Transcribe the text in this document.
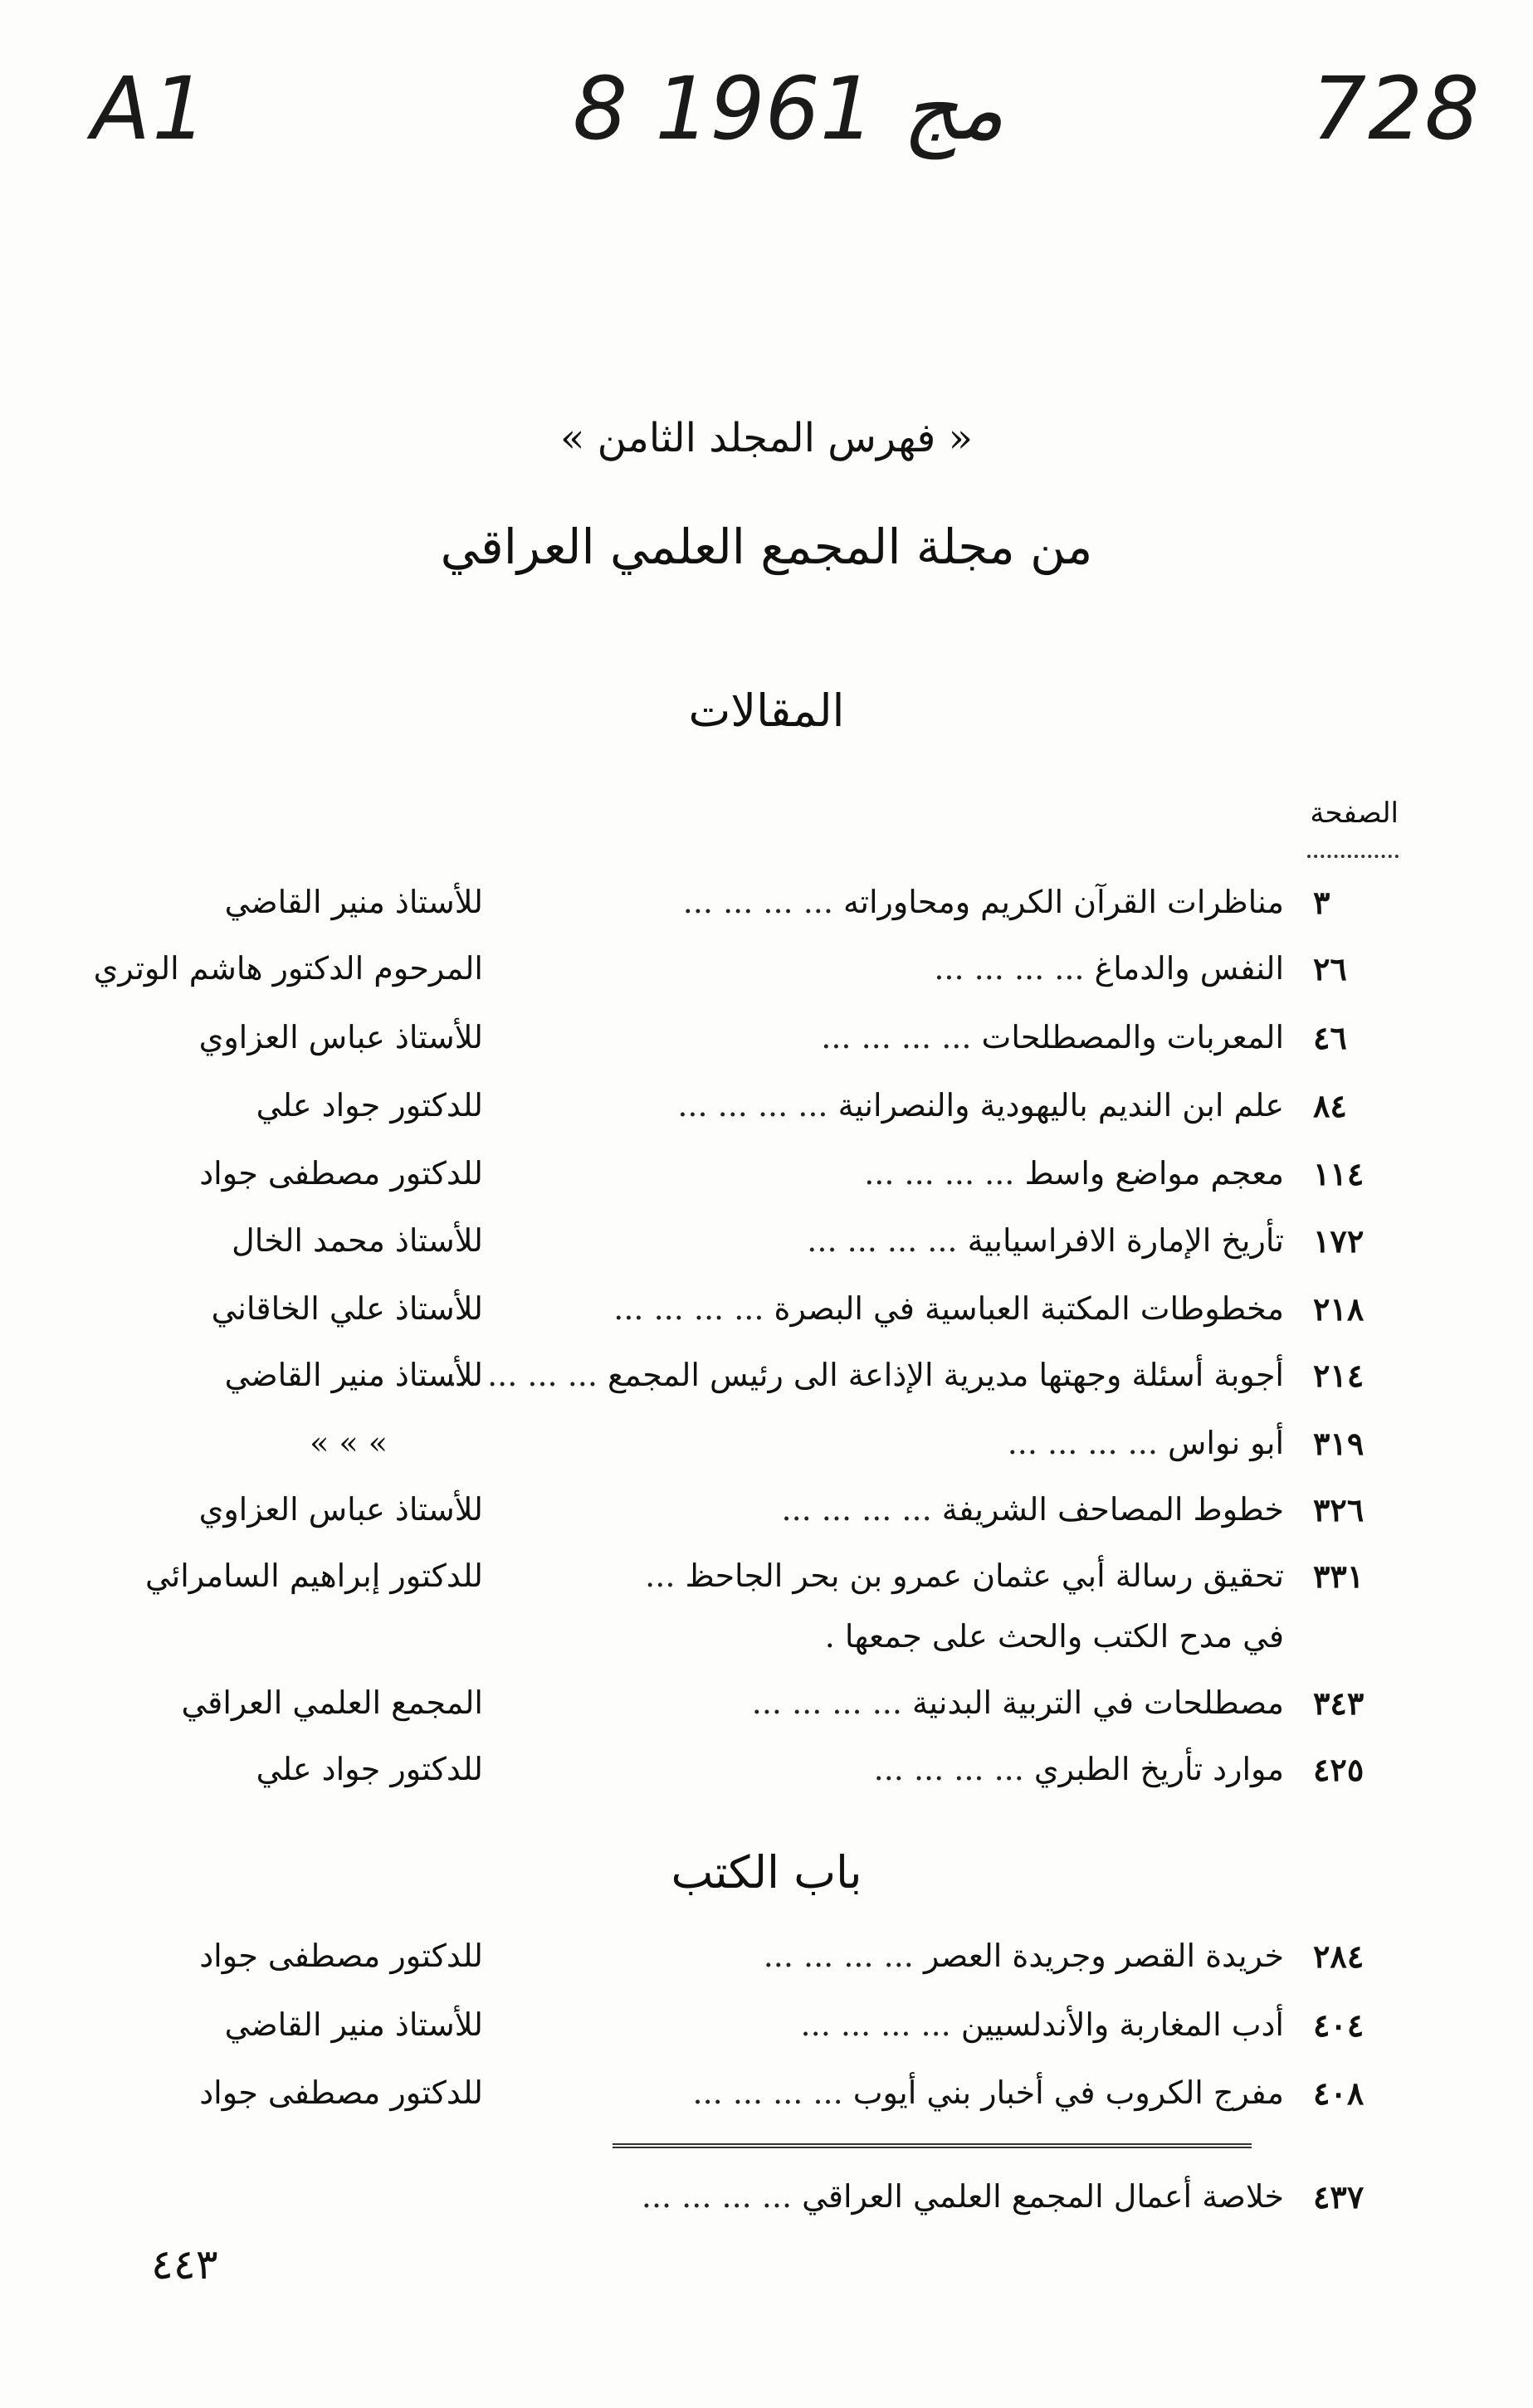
A1	8 مج 1961	728
« فهرس المجلد الثامن »
من مجلة المجمع العلمي العراقي
المقالات
الصفحة
٣
مناظرات القرآن الكريم ومحاوراته ... ... ... ...
للأستاذ منير القاضي
٢٦
النفس والدماغ ... ... ... ...
المرحوم الدكتور هاشم الوتري
٤٦
المعربات والمصطلحات ... ... ... ...
للأستاذ عباس العزاوي
٨٤
علم ابن النديم باليهودية والنصرانية ... ... ... ...
للدكتور جواد علي
١١٤
معجم مواضع واسط ... ... ... ...
للدكتور مصطفى جواد
١٧٢
تأريخ الإمارة الافراسيابية ... ... ... ...
للأستاذ محمد الخال
٢١٨
مخطوطات المكتبة العباسية في البصرة ... ... ... ...
للأستاذ علي الخاقاني
٢١٤
أجوبة أسئلة وجهتها مديرية الإذاعة الى رئيس المجمع ... ... ... ...
للأستاذ منير القاضي
٣١٩
أبو نواس ... ... ... ...
» » »
٣٢٦
خطوط المصاحف الشريفة ... ... ... ...
للأستاذ عباس العزاوي
٣٣١
تحقيق رسالة أبي عثمان عمرو بن بحر الجاحظ ...
للدكتور إبراهيم السامرائي
في مدح الكتب والحث على جمعها .
٣٤٣
مصطلحات في التربية البدنية ... ... ... ...
المجمع العلمي العراقي
٤٢٥
موارد تأريخ الطبري ... ... ... ...
للدكتور جواد علي
باب الكتب
٢٨٤
خريدة القصر وجريدة العصر ... ... ... ...
للدكتور مصطفى جواد
٤٠٤
أدب المغاربة والأندلسيين ... ... ... ...
للأستاذ منير القاضي
٤٠٨
مفرج الكروب في أخبار بني أيوب ... ... ... ...
للدكتور مصطفى جواد
٤٣٧
خلاصة أعمال المجمع العلمي العراقي ... ... ... ...
٤٤٣
